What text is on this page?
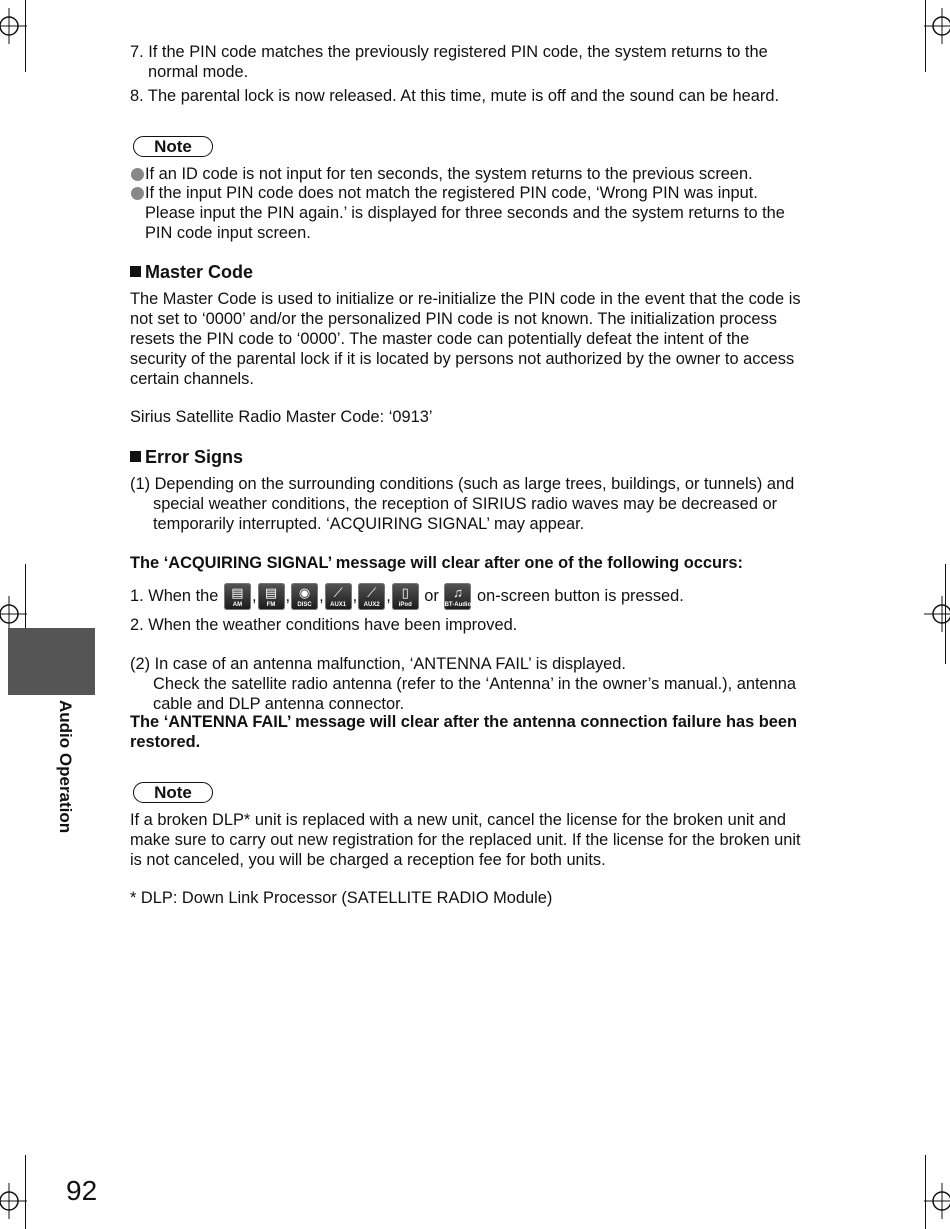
7. If the PIN code matches the previously registered PIN code, the system returns to the
normal mode.
8. The parental lock is now released. At this time, mute is off and the sound can be heard.
Note
If an ID code is not input for ten seconds, the system returns to the previous screen.
If the input PIN code does not match the registered PIN code, ‘Wrong PIN was input.
Please input the PIN again.’ is displayed for three seconds and the system returns to the
PIN code input screen.
Master Code
The Master Code is used to initialize or re-initialize the PIN code in the event that the code is
not set to ‘0000’ and/or the personalized PIN code is not known. The initialization process
resets the PIN code to ‘0000’. The master code can potentially defeat the intent of the
security of the parental lock if it is located by persons not authorized by the owner to access
certain channels.
Sirius Satellite Radio Master Code: ‘0913’
Error Signs
(1) Depending on the surrounding conditions (such as large trees, buildings, or tunnels) and
special weather conditions, the reception of SIRIUS radio waves may be decreased or
temporarily interrupted. ‘ACQUIRING SIGNAL’ may appear.
The ‘ACQUIRING SIGNAL’ message will clear after one of the following occurs:
1. When the ▤
AM , ▤
FM , ◉
DISC , ⟋
AUX1 , ⟋
AUX2 , ▯
iPod or ♫
BT-Audio on-screen button is pressed.
2. When the weather conditions have been improved.
(2) In case of an antenna malfunction, ‘ANTENNA FAIL’ is displayed.
Check the satellite radio antenna (refer to the ‘Antenna’ in the owner’s manual.), antenna
cable and DLP antenna connector.
The ‘ANTENNA FAIL’ message will clear after the antenna connection failure has been
restored.
Note
If a broken DLP* unit is replaced with a new unit, cancel the license for the broken unit and
make sure to carry out new registration for the replaced unit. If the license for the broken unit
is not canceled, you will be charged a reception fee for both units.
* DLP: Down Link Processor (SATELLITE RADIO Module)
Audio Operation
92
